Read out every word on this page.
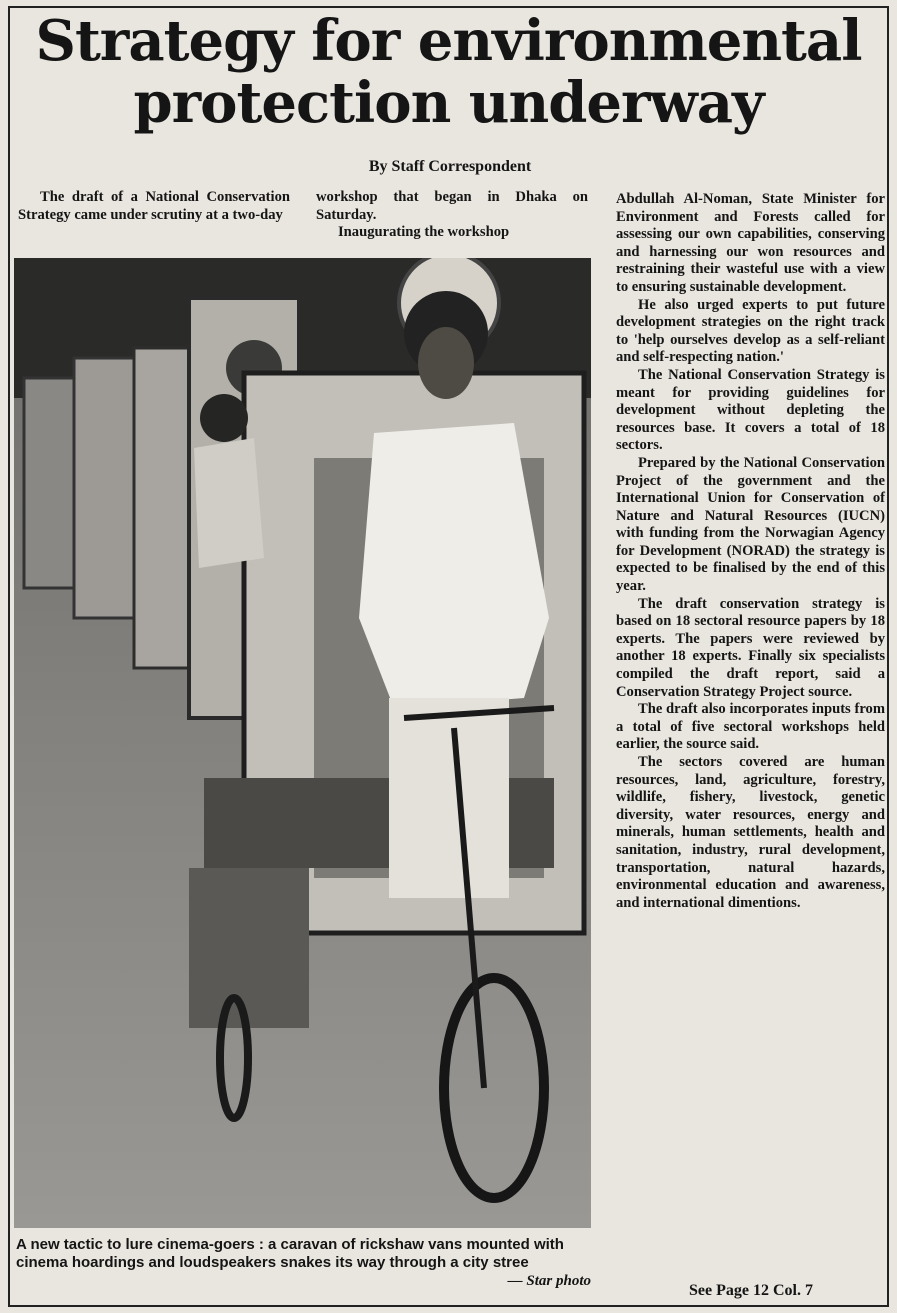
Strategy for environmental
protection underway
By Staff Correspondent

The draft of a National Conservation Strategy came under scrutiny at a two-day

workshop that began in Dhaka on Saturday.

Inaugurating the workshop

Abdullah Al-Noman, State Minister for Environment and Forests called for assessing our own capabilities, conserving and harnessing our won resources and restraining their wasteful use with a view to ensuring sustainable development.

He also urged experts to put future development strategies on the right track to 'help ourselves develop as a self-reliant and self-respecting nation.'

The National Conservation Strategy is meant for providing guidelines for development without depleting the resources base. It covers a total of 18 sectors.

Prepared by the National Conservation Project of the government and the International Union for Conservation of Nature and Natural Resources (IUCN) with funding from the Norwagian Agency for Development (NORAD) the strategy is expected to be finalised by the end of this year.

The draft conservation strategy is based on 18 sectoral resource papers by 18 experts. The papers were reviewed by another 18 experts. Finally six specialists compiled the draft report, said a Conservation Strategy Project source.

The draft also incorporates inputs from a total of five sectoral workshops held earlier, the source said.

The sectors covered are human resources, land, agriculture, forestry, wildlife, fishery, livestock, genetic diversity, water resources, energy and minerals, human settlements, health and sanitation, industry, rural development, transportation, natural hazards, environmental education and awareness, and international dimentions.

A new tactic to lure cinema-goers : a caravan of rickshaw vans mounted with cinema hoardings and loudspeakers snakes its way through a city stree
— Star photo

See Page 12 Col. 7
